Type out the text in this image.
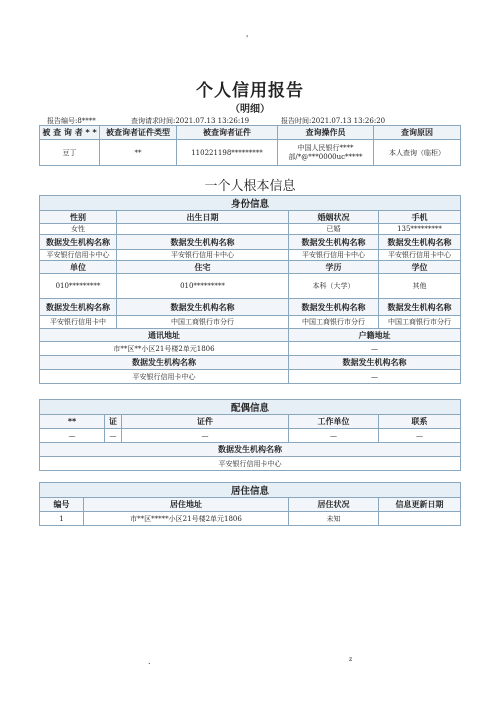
'
个人信用报告
（明细）
报告编号:8****	查询请求时间:2021.07.13 13:26:19	报告时间:2021.07.13 13:26:20
被 查 询 者 * *	被查询者证件类型	被查询者证件	查询操作员	查询原因
豆丁	**	110221198*********	中国人民银行****部/*@***0000uc*****	本人查询（临柜）
一个人根本信息
身份信息			
性别	出生日期	婚姻状况	手机
女性		已婚	135*********
数据发生机构名称	数据发生机构名称	数据发生机构名称	数据发生机构名称
平安银行信用卡中心	平安银行信用卡中心	平安银行信用卡中心	平安银行信用卡中心
单位	住宅	学历	学位
010*********	010*********	本科（大学）	其他
数据发生机构名称	数据发生机构名称	数据发生机构名称	数据发生机构名称
平安银行信用卡中	中国工商银行市分行	中国工商银行市分行	中国工商银行市分行
通讯地址		户籍地址	
市**区**小区21号楼2单元1806		—	
数据发生机构名称		数据发生机构名称	
平安银行信用卡中心		—	
配偶信息				
**	证	证件	工作单位	联系
—	—	—	—	—
数据发生机构名称				
平安银行信用卡中心				
居住信息			
编号	居住地址	居住状况	信息更新日期
1	市**区*****小区21号楼2单元1806	未知	
.	z
